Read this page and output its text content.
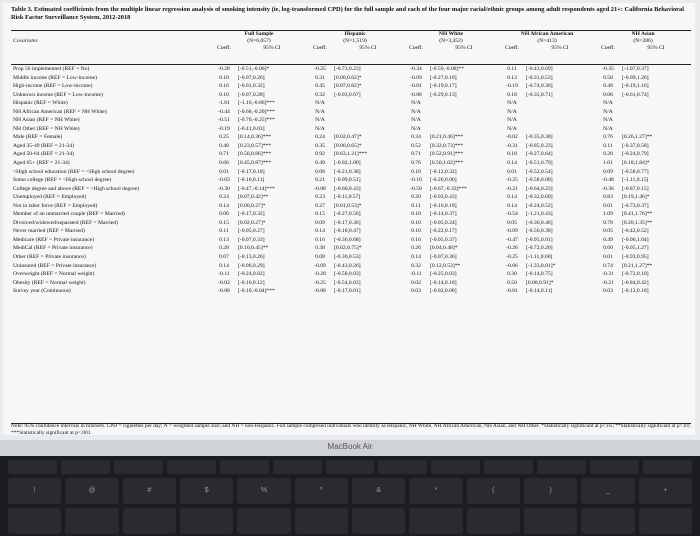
Table 3. Estimated coefficients from the multiple linear regression analysis of smoking intensity (ie, log-transformed CPD) for the full sample and each of the four major racial/ethnic groups among adult respondents aged 21+: California Behavioral Risk Factor Surveillance System, 2012-2018
Covariates	Full Sample		Hispanic		NH White		NH African American		NH Asian	
	(N=6,057)		(N=1,519)		(N=3,452)		(N=413)		(N=286)	
	Coeff.	95% CI	Coeff.	95% CI	Coeff.	95% CI	Coeff.	95% CI	Coeff.	95% CI
Prop 56 implemented (REF = No)	-0.28	[-0.51,-0.06]*	-0.25	[-0.73,0.23]	-0.34	[-0.59,-0.08]**	0.11	[-0.43,0.69]	-0.35	[-1.07,0.37]
Middle income (REF = Low-income)	0.10	[-0.07,0.26]	0.31	[0.00,0.62]*	-0.09	[-0.27,0.10]	0.13	[-0.31,0.53]	0.58	[-0.09,1.26]
High-income (REF = Low-income)	0.16	[-0.01,0.32]	0.45	[0.07,0.82]*	-0.01	[-0.19,0.17]	-0.19	[-0.74,0.36]	0.48	[-0.19,1.16]
Unknown income (REF = Low-income)	0.10	[-0.07,0.28]	0.32	[-0.03,0.67]	-0.08	[-0.29,0.13]	0.18	[-0.35,0.71]	0.06	[-0.61,0.74]
Hispanic (REF = White)	-1.01	[-1.16,-0.86]***	N/A		N/A		N/A		N/A	
NH African American (REF = NH White)	-0.44	[-0.68,-0.20]***	N/A		N/A		N/A		N/A	
NH Asian (REF = NH White)	-0.51	[-0.76,-0.25]***	N/A		N/A		N/A		N/A	
NH Other (REF = NH White)	-0.19	[-0.41,0.03]	N/A		N/A		N/A		N/A	
Male (REF = Female)	0.25	[0.14,0.36]***	0.24	[0.02,0.47]*	0.34	[0.21,0.46]***	-0.02	[-0.35,0.30]	0.76	[0.26,1.27]**
Aged 35-49 (REF = 21-34)	0.40	[0.23,0.57]***	0.35	[0.06,0.65]*	0.52	[0.32,0.73]***	-0.31	[-0.85,0.23]	0.11	[-0.37,0.58]
Aged 50-64 (REF = 21-34)	0.71	[0.56,0.86]***	0.92	[0.63,1.21]***	0.71	[0.52,0.91]***	0.18	[-0.27,0.64]	0.28	[-0.24,0.79]
Aged 65+ (REF = 21-34)	0.66	[0.45,0.87]***	0.49	[-0.02,1.00]	0.76	[0.50,1.02]***	0.14	[-0.51,0.79]	1.01	[0.18,1.84]*
<High school education (REF = <High school degree)	0.01	[-0.17,0.18]	0.08	[-0.21,0.38]	0.10	[-0.12,0.32]	0.01	[-0.52,0.54]	0.09	[-0.58,0.77]
Some college (REF = <High school degree)	-0.03	[-0.16,0.11]	0.21	[-0.09,0.51]	-0.10	[-0.26,0.06]	-0.25	[-0.58,0.08]	-0.48	[-1.11,0.15]
College degree and above (REF = <High school degree)	-0.30	[-0.47,-0.14]***	-0.08	[-0.60,0.43]	-0.50	[-0.67,-0.33]***	-0.21	[-0.64,0.23]	-0.36	[-0.87,0.15]
Unemployed (REF = Employed)	0.24	[0.07,0.42]**	0.23	[-0.11,0.57]	0.20	[-0.03,0.43]	0.14	[-0.32,0.60]	0.83	[0.19,1.46]*
Not in labor force (REF = Employed)	0.14	[0.00,0.27]*	0.27	[0.01,0.53]*	0.11	[-0.16,0.18]	0.14	[-0.24,0.52]	0.01	[-0.73,0.37]
Member of an unmarried couple (REF = Married)	0.06	[-0.17,0.32]	0.15	[-0.27,0.56]	0.10	[-0.14,0.37]	-0.54	[-1.21,0.43]	1.09	[0.41,1.76]**
Divorced/widowed/separated (REF = Married)	0.15	[0.02,0.27]*	0.09	[-0.17,0.36]	0.10	[-0.05,0.24]	0.05	[-0.36,0.46]	0.78	[0.20,1.35]**
Never married (REF = Married)	0.11	[-0.05,0.27]	0.14	[-0.18,0.47]	0.10	[-0.22,0.17]	-0.09	[-0.56,0.38]	0.05	[-0.42,0.52]
Medicare (REF = Private insurance)	0.13	[-0.07,0.33]	0.16	[-0.36,0.68]	0.16	[-0.05,0.37]	-0.47	[-0.95,0.01]	0.49	[-0.06,1.04]
MediCal (REF = Private insurance)	0.28	[0.10,0.45]**	0.38	[0.02,0.75]*	0.26	[0.04,0.48]*	-0.26	[-0.72,0.20]	0.60	[-0.05,1.27]
Other (REF = Private insurance)	0.07	[-0.13,0.26]	0.08	[-0.36,0.53]	0.14	[-0.07,0.36]	-0.25	[-1.11,0.60]	0.01	[-0.93,0.95]
Uninsured (REF = Private insurance)	0.14	[-0.06,0.29]	-0.09	[-0.43,0.26]	0.32	[0.12,0.53]**	-0.66	[-1.33,0.01]*	0.74	[0.21,1.27]**
Overweight (REF = Normal weight)	-0.11	[-0.24,0.02]	-0.28	[-0.58,0.03]	-0.11	[-0.25,0.03]	0.30	[-0.14,0.75]	-0.31	[-0.72,0.10]
Obesity (REF = Normal weight)	-0.02	[-0.16,0.12]	-0.25	[-0.54,0.03]	0.02	[-0.14,0.18]	0.50	[0.08,0.91]*	-0.21	[-0.84,0.42]
Survey year (Continuous)	-0.08	[-0.10,-0.04]***	-0.08	[-0.17,0.01]	0.03	[-0.02,0.08]	-0.01	[-0.14,0.11]	0.03	[-0.12,0.18]
Note: 95% confidence intervals in brackets. CPD = cigarettes per day; N = weighted sample size; and NH = non-Hispanic. Full sample comprised individuals who identify as Hispanic, NH White, NH African American, NH Asian, and NH Other. *Statistically significant at p<.05; **Statistically significant at p<.01; ***Statistically significant at p<.001.
MacBook Air
!	@	#	$	%	^	&	*	(	)	_	+
